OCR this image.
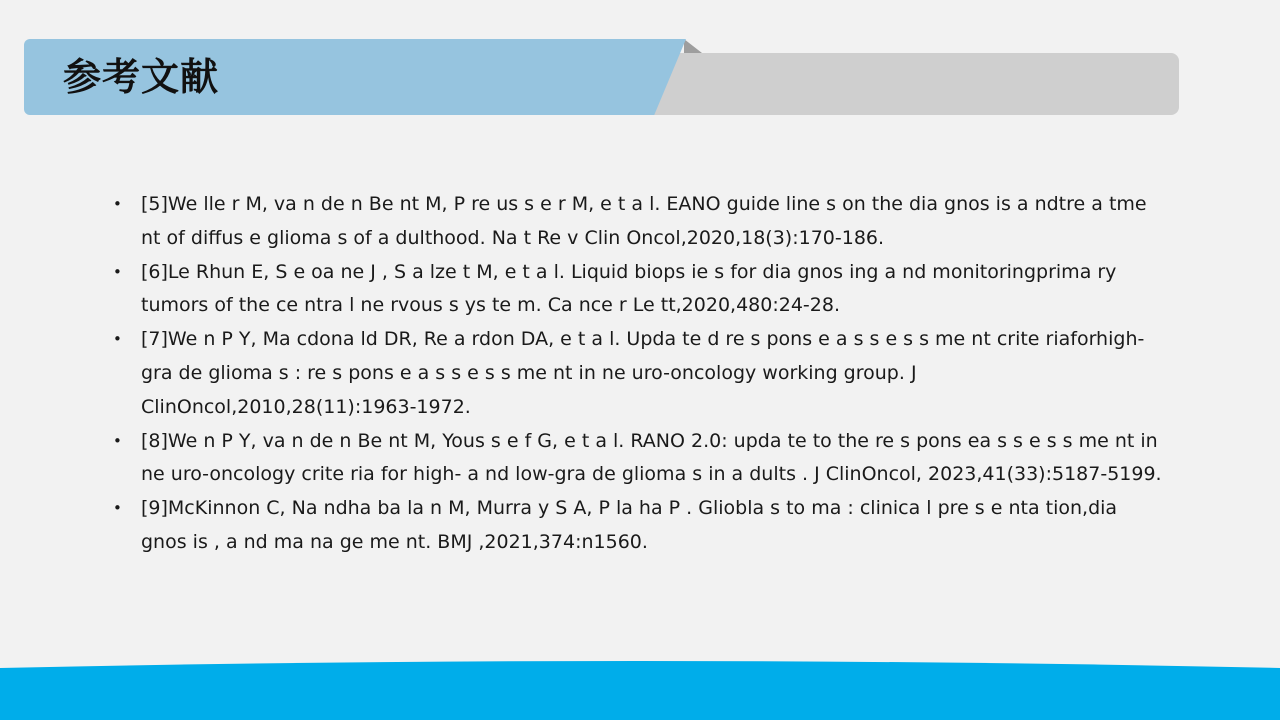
参考文献
• [5]We lle r M, va n de n Be nt M, P re us s e r M, e t a l. EANO guide line s on the dia gnos is a ndtre a tme nt of diffus e glioma s of a dulthood. Na t Re v Clin Oncol,2020,18(3):170-186.
• [6]Le Rhun E, S e oa ne J , S a lze t M, e t a l. Liquid biops ie s for dia gnos ing a nd monitoringprima ry tumors of the ce ntra l ne rvous s ys te m. Ca nce r Le tt,2020,480:24-28.
• [7]We n P Y, Ma cdona ld DR, Re a rdon DA, e t a l. Upda te d re s pons e a s s e s s me nt crite riaforhigh-gra de glioma s : re s pons e a s s e s s me nt in ne uro-oncology working group. J ClinOncol,2010,28(11):1963-1972.
• [8]We n P Y, va n de n Be nt M, Yous s e f G, e t a l. RANO 2.0: upda te to the re s pons ea s s e s s me nt in ne uro-oncology crite ria for high- a nd low-gra de glioma s in a dults . J ClinOncol, 2023,41(33):5187-5199.
• [9]McKinnon C, Na ndha ba la n M, Murra y S A, P la ha P . Gliobla s to ma : clinica l pre s e nta tion,dia gnos is , a nd ma na ge me nt. BMJ ,2021,374:n1560.
